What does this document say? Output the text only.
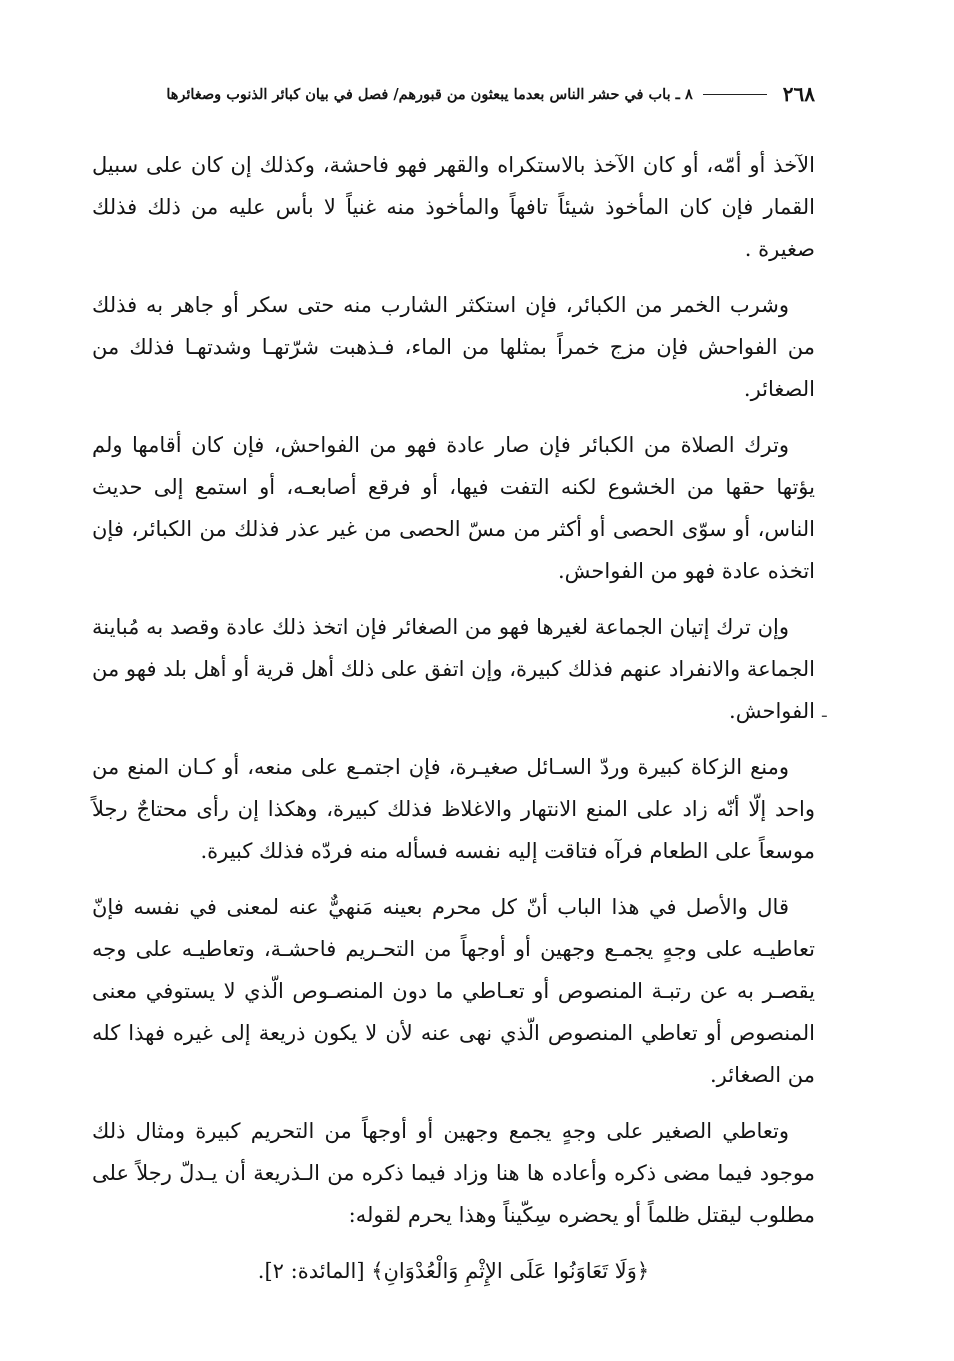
٢٦٨
٨ ـ باب في حشر الناس بعدما يبعثون من قبورهم/ فصل في بيان كبائر الذنوب وصغائرها

الآخذ أو أمّه، أو كان الآخذ بالاستكراه والقهر فهو فاحشة، وكذلك إن كان على سبيل القمار فإن كان المأخوذ شيئاً تافهاً والمأخوذ منه غنياً لا بأس عليه من ذلك فذلك صغيرة .

وشرب الخمر من الكبائر، فإن استكثر الشارب منه حتى سكر أو جاهر به فذلك من الفواحش فإن مزج خمراً بمثلها من الماء، فـذهبت شرّتهـا وشدتهـا فذلك من الصغائر.

وترك الصلاة من الكبائر فإن صار عادة فهو من الفواحش، فإن كان أقامها ولم يؤتها حقها من الخشوع لكنه التفت فيها، أو فرقع أصابعـه، أو استمع إلى حديث الناس، أو سوّى الحصى أو أكثر من مسّ الحصى من غير عذر فذلك من الكبائر، فإن اتخذه عادة فهو من الفواحش.

وإن ترك إتيان الجماعة لغيرها فهو من الصغائر فإن اتخذ ذلك عادة وقصد به مُباينة الجماعة والانفراد عنهم فذلك كبيرة، وإن اتفق على ذلك أهل قرية أو أهل بلد فهو من الفواحش.

ومنع الزكاة كبيرة وردّ السـائل صغيـرة، فإن اجتمـع على منعه، أو كـان المنع من واحد إلّا أنّه زاد على المنع الانتهار والاغلاظ فذلك كبيرة، وهكذا إن رأى محتاجٌ رجلاً موسعاً على الطعام فرآه فتاقت إليه نفسه فسأله منه فردّه فذلك كبيرة.

قال والأصل في هذا الباب أنّ كل محرم بعينه مَنهيٌّ عنه لمعنى في نفسه فإنّ تعاطيـه على وجهٍ يجمـع وجهين أو أوجهاً من التحـريم فاحشـة، وتعاطيـه على وجه يقصـر به عن رتبـة المنصوص أو تعـاطي ما دون المنصـوص الّذي لا يستوفي معنى المنصوص أو تعاطي المنصوص الّذي نهى عنه لأن لا يكون ذريعة إلى غيره فهذا كله من الصغائر.

وتعاطي الصغير على وجهٍ يجمع وجهين أو أوجهاً من التحريم كبيرة ومثال ذلك موجود فيما مضى ذكره وأعاده ها هنا وزاد فيما ذكره من الـذريعة أن يـدلّ رجلاً على مطلوب ليقتل ظلماً أو يحضره سِكّيناً وهذا يحرم لقوله:

﴿وَلَا تَعَاوَنُوا عَلَى الإِثْمِ وَالْعُدْوَانِ﴾ [المائدة: ٢].

ـ
